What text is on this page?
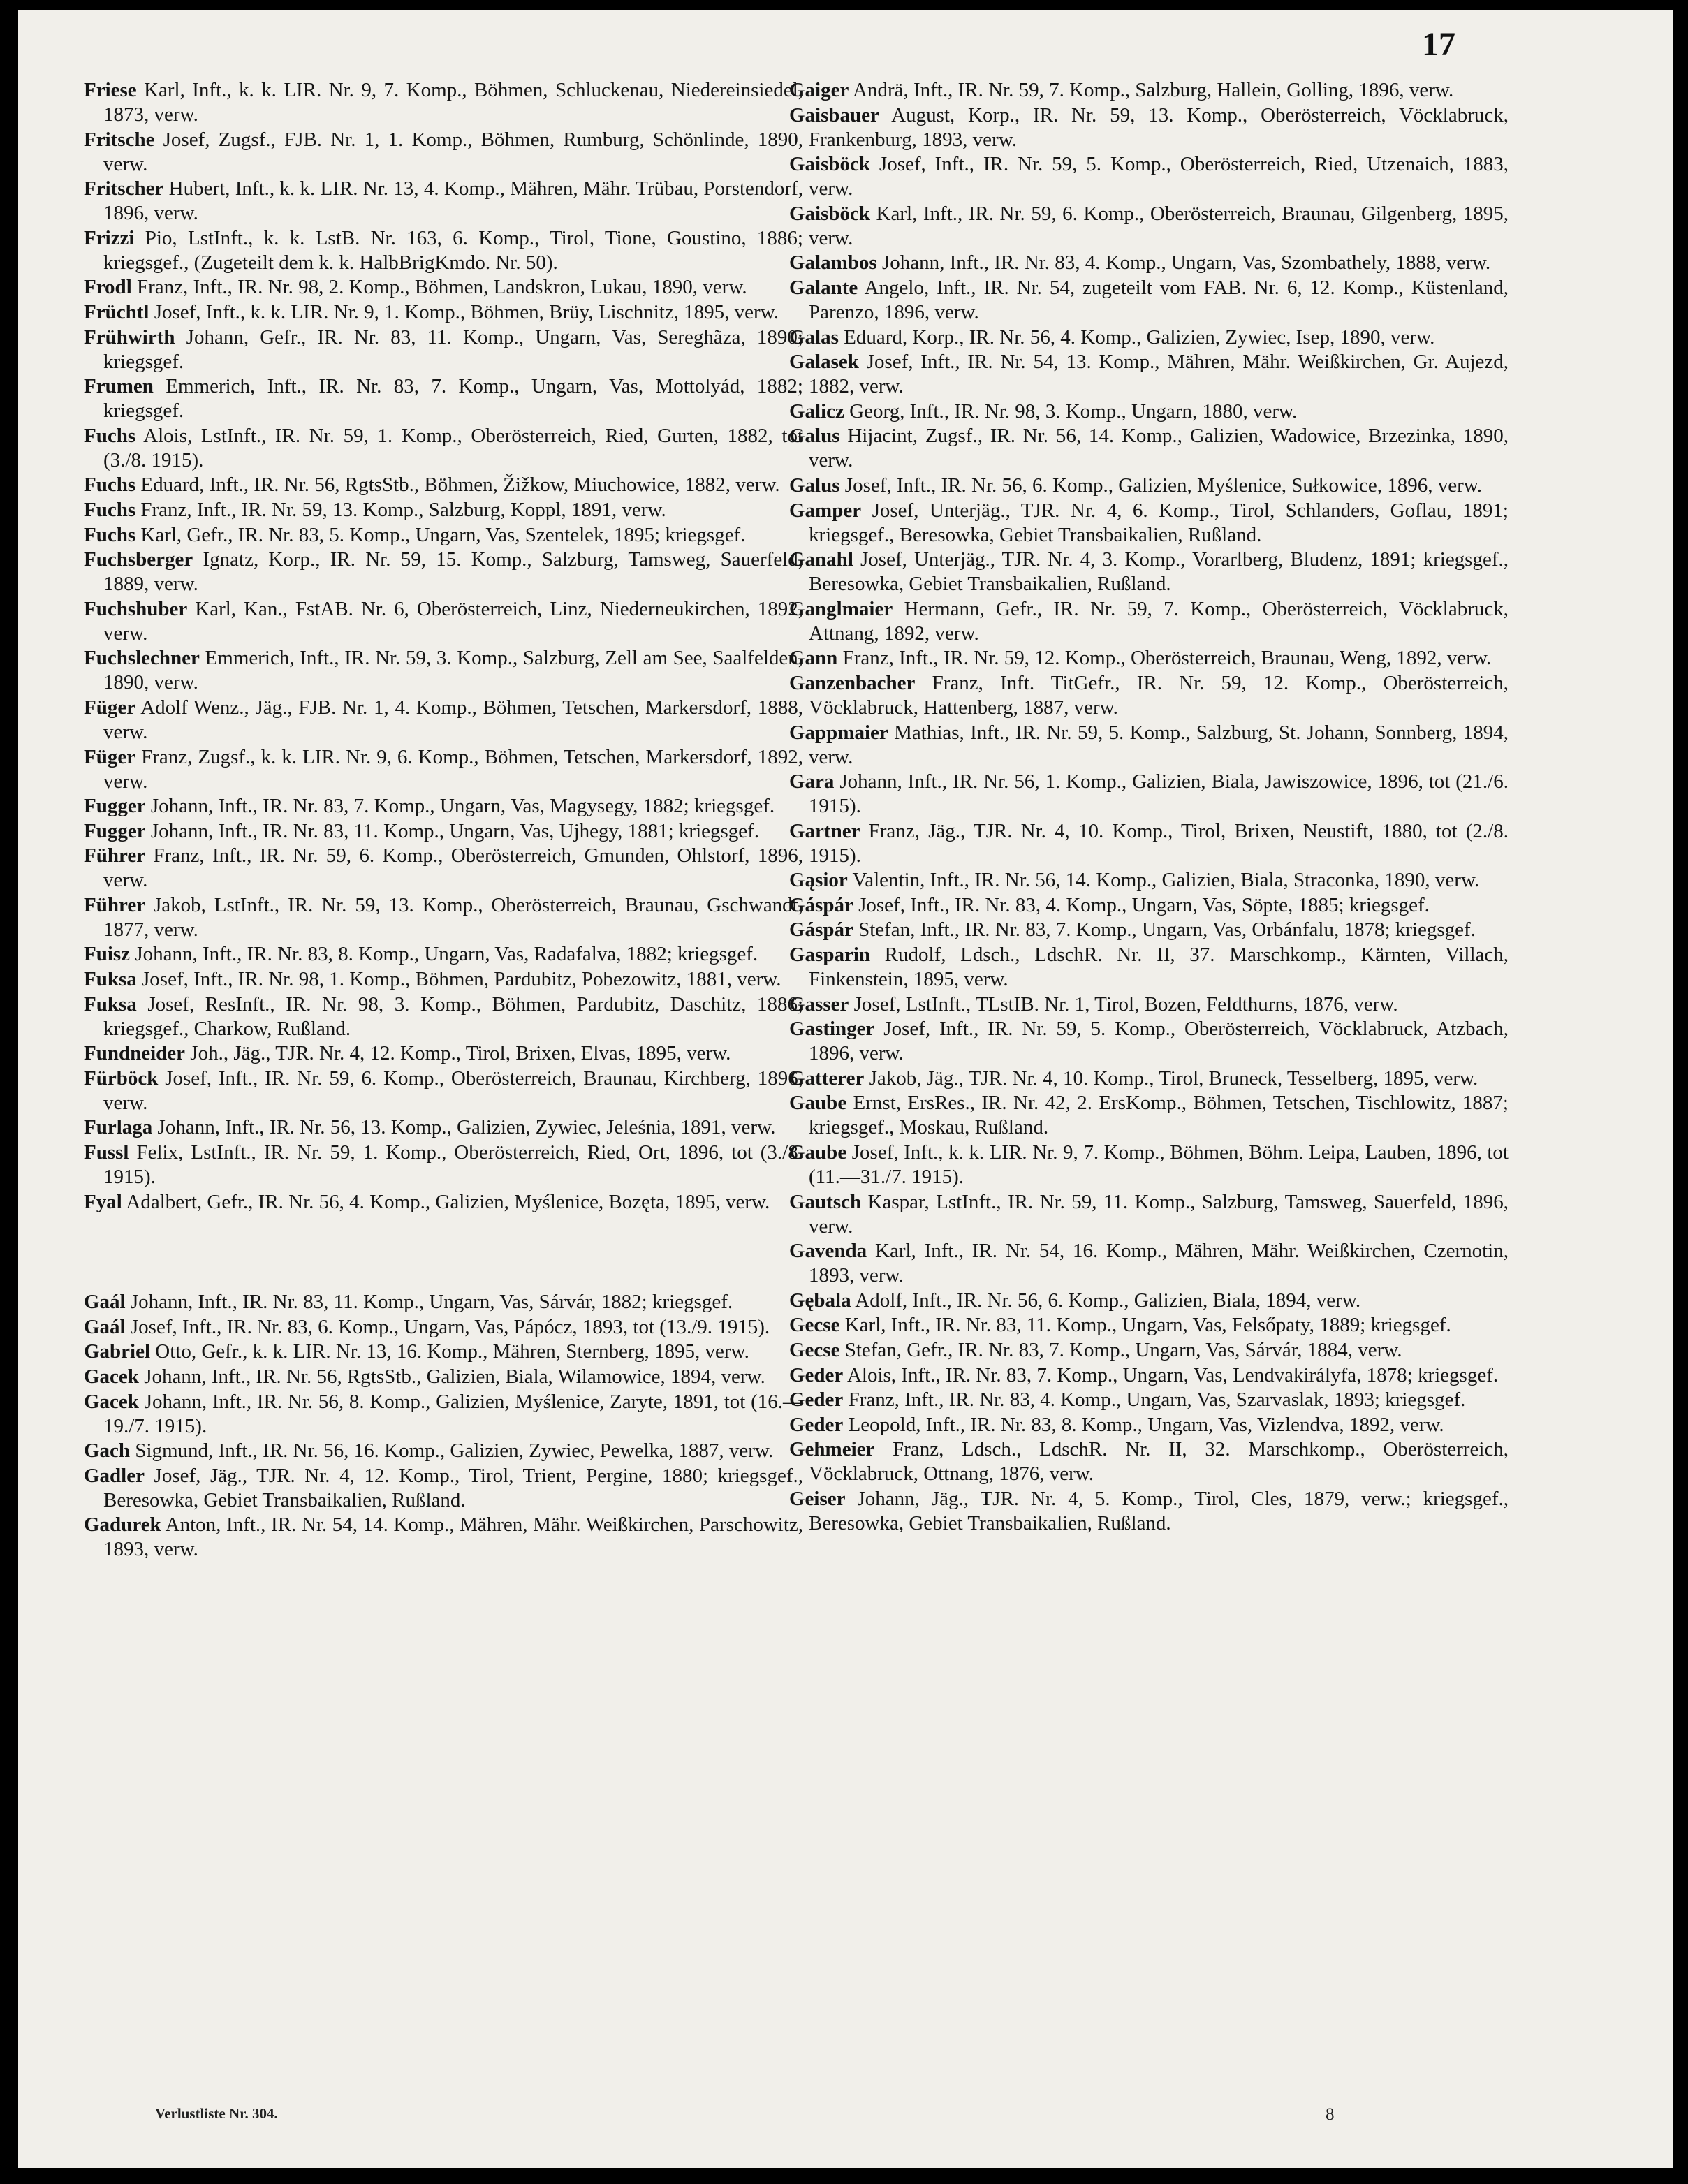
17

Friese Karl, Inft., k. k. LIR. Nr. 9, 7. Komp., Böhmen, Schluckenau, Niedereinsiedel, 1873, verw.

Fritsche Josef, Zugsf., FJB. Nr. 1, 1. Komp., Böhmen, Rumburg, Schönlinde, 1890, verw.

Fritscher Hubert, Inft., k. k. LIR. Nr. 13, 4. Komp., Mähren, Mähr. Trübau, Porstendorf, 1896, verw.

Frizzi Pio, LstInft., k. k. LstB. Nr. 163, 6. Komp., Tirol, Tione, Goustino, 1886; kriegsgef., (Zugeteilt dem k. k. HalbBrigKmdo. Nr. 50).

Frodl Franz, Inft., IR. Nr. 98, 2. Komp., Böhmen, Landskron, Lukau, 1890, verw.

Früchtl Josef, Inft., k. k. LIR. Nr. 9, 1. Komp., Böhmen, Brüy, Lischnitz, 1895, verw.

Frühwirth Johann, Gefr., IR. Nr. 83, 11. Komp., Ungarn, Vas, Sereghãza, 1890; kriegsgef.

Frumen Emmerich, Inft., IR. Nr. 83, 7. Komp., Ungarn, Vas, Mottolyád, 1882; kriegsgef.

Fuchs Alois, LstInft., IR. Nr. 59, 1. Komp., Oberösterreich, Ried, Gurten, 1882, tot (3./8. 1915).

Fuchs Eduard, Inft., IR. Nr. 56, RgtsStb., Böhmen, Žižkow, Miuchowice, 1882, verw.

Fuchs Franz, Inft., IR. Nr. 59, 13. Komp., Salzburg, Koppl, 1891, verw.

Fuchs Karl, Gefr., IR. Nr. 83, 5. Komp., Ungarn, Vas, Szentelek, 1895; kriegsgef.

Fuchsberger Ignatz, Korp., IR. Nr. 59, 15. Komp., Salzburg, Tamsweg, Sauerfeld, 1889, verw.

Fuchshuber Karl, Kan., FstAB. Nr. 6, Oberösterreich, Linz, Niederneukirchen, 1892, verw.

Fuchslechner Emmerich, Inft., IR. Nr. 59, 3. Komp., Salzburg, Zell am See, Saalfelden, 1890, verw.

Füger Adolf Wenz., Jäg., FJB. Nr. 1, 4. Komp., Böhmen, Tetschen, Markersdorf, 1888, verw.

Füger Franz, Zugsf., k. k. LIR. Nr. 9, 6. Komp., Böhmen, Tetschen, Markersdorf, 1892, verw.

Fugger Johann, Inft., IR. Nr. 83, 7. Komp., Ungarn, Vas, Magysegy, 1882; kriegsgef.

Fugger Johann, Inft., IR. Nr. 83, 11. Komp., Ungarn, Vas, Ujhegy, 1881; kriegsgef.

Führer Franz, Inft., IR. Nr. 59, 6. Komp., Oberösterreich, Gmunden, Ohlstorf, 1896, verw.

Führer Jakob, LstInft., IR. Nr. 59, 13. Komp., Oberösterreich, Braunau, Gschwandt, 1877, verw.

Fuisz Johann, Inft., IR. Nr. 83, 8. Komp., Ungarn, Vas, Radafalva, 1882; kriegsgef.

Fuksa Josef, Inft., IR. Nr. 98, 1. Komp., Böhmen, Pardubitz, Pobezowitz, 1881, verw.

Fuksa Josef, ResInft., IR. Nr. 98, 3. Komp., Böhmen, Pardubitz, Daschitz, 1886; kriegsgef., Charkow, Rußland.

Fundneider Joh., Jäg., TJR. Nr. 4, 12. Komp., Tirol, Brixen, Elvas, 1895, verw.

Fürböck Josef, Inft., IR. Nr. 59, 6. Komp., Oberösterreich, Braunau, Kirchberg, 1896, verw.

Furlaga Johann, Inft., IR. Nr. 56, 13. Komp., Galizien, Zywiec, Jeleśnia, 1891, verw.

Fussl Felix, LstInft., IR. Nr. 59, 1. Komp., Oberösterreich, Ried, Ort, 1896, tot (3./8. 1915).

Fyal Adalbert, Gefr., IR. Nr. 56, 4. Komp., Galizien, Myślenice, Bozęta, 1895, verw.

Gaál Johann, Inft., IR. Nr. 83, 11. Komp., Ungarn, Vas, Sárvár, 1882; kriegsgef.

Gaál Josef, Inft., IR. Nr. 83, 6. Komp., Ungarn, Vas, Pápócz, 1893, tot (13./9. 1915).

Gabriel Otto, Gefr., k. k. LIR. Nr. 13, 16. Komp., Mähren, Sternberg, 1895, verw.

Gacek Johann, Inft., IR. Nr. 56, RgtsStb., Galizien, Biala, Wilamowice, 1894, verw.

Gacek Johann, Inft., IR. Nr. 56, 8. Komp., Galizien, Myślenice, Zaryte, 1891, tot (16.—19./7. 1915).

Gach Sigmund, Inft., IR. Nr. 56, 16. Komp., Galizien, Zywiec, Pewelka, 1887, verw.

Gadler Josef, Jäg., TJR. Nr. 4, 12. Komp., Tirol, Trient, Pergine, 1880; kriegsgef., Beresowka, Gebiet Transbaikalien, Rußland.

Gadurek Anton, Inft., IR. Nr. 54, 14. Komp., Mähren, Mähr. Weißkirchen, Parschowitz, 1893, verw.

Gaiger Andrä, Inft., IR. Nr. 59, 7. Komp., Salzburg, Hallein, Golling, 1896, verw.

Gaisbauer August, Korp., IR. Nr. 59, 13. Komp., Oberösterreich, Vöcklabruck, Frankenburg, 1893, verw.

Gaisböck Josef, Inft., IR. Nr. 59, 5. Komp., Oberösterreich, Ried, Utzenaich, 1883, verw.

Gaisböck Karl, Inft., IR. Nr. 59, 6. Komp., Oberösterreich, Braunau, Gilgenberg, 1895, verw.

Galambos Johann, Inft., IR. Nr. 83, 4. Komp., Ungarn, Vas, Szombathely, 1888, verw.

Galante Angelo, Inft., IR. Nr. 54, zugeteilt vom FAB. Nr. 6, 12. Komp., Küstenland, Parenzo, 1896, verw.

Galas Eduard, Korp., IR. Nr. 56, 4. Komp., Galizien, Zywiec, Isep, 1890, verw.

Galasek Josef, Inft., IR. Nr. 54, 13. Komp., Mähren, Mähr. Weißkirchen, Gr. Aujezd, 1882, verw.

Galicz Georg, Inft., IR. Nr. 98, 3. Komp., Ungarn, 1880, verw.

Galus Hijacint, Zugsf., IR. Nr. 56, 14. Komp., Galizien, Wadowice, Brzezinka, 1890, verw.

Galus Josef, Inft., IR. Nr. 56, 6. Komp., Galizien, Myślenice, Sułkowice, 1896, verw.

Gamper Josef, Unterjäg., TJR. Nr. 4, 6. Komp., Tirol, Schlanders, Goflau, 1891; kriegsgef., Beresowka, Gebiet Transbaikalien, Rußland.

Ganahl Josef, Unterjäg., TJR. Nr. 4, 3. Komp., Vorarlberg, Bludenz, 1891; kriegsgef., Beresowka, Gebiet Transbaikalien, Rußland.

Ganglmaier Hermann, Gefr., IR. Nr. 59, 7. Komp., Oberösterreich, Vöcklabruck, Attnang, 1892, verw.

Gann Franz, Inft., IR. Nr. 59, 12. Komp., Oberösterreich, Braunau, Weng, 1892, verw.

Ganzenbacher Franz, Inft. TitGefr., IR. Nr. 59, 12. Komp., Oberösterreich, Vöcklabruck, Hattenberg, 1887, verw.

Gappmaier Mathias, Inft., IR. Nr. 59, 5. Komp., Salzburg, St. Johann, Sonnberg, 1894, verw.

Gara Johann, Inft., IR. Nr. 56, 1. Komp., Galizien, Biala, Jawiszowice, 1896, tot (21./6. 1915).

Gartner Franz, Jäg., TJR. Nr. 4, 10. Komp., Tirol, Brixen, Neustift, 1880, tot (2./8. 1915).

Gąsior Valentin, Inft., IR. Nr. 56, 14. Komp., Galizien, Biala, Straconka, 1890, verw.

Gáspár Josef, Inft., IR. Nr. 83, 4. Komp., Ungarn, Vas, Söpte, 1885; kriegsgef.

Gáspár Stefan, Inft., IR. Nr. 83, 7. Komp., Ungarn, Vas, Orbánfalu, 1878; kriegsgef.

Gasparin Rudolf, Ldsch., LdschR. Nr. II, 37. Marschkomp., Kärnten, Villach, Finkenstein, 1895, verw.

Gasser Josef, LstInft., TLstIB. Nr. 1, Tirol, Bozen, Feldthurns, 1876, verw.

Gastinger Josef, Inft., IR. Nr. 59, 5. Komp., Oberösterreich, Vöcklabruck, Atzbach, 1896, verw.

Gatterer Jakob, Jäg., TJR. Nr. 4, 10. Komp., Tirol, Bruneck, Tesselberg, 1895, verw.

Gaube Ernst, ErsRes., IR. Nr. 42, 2. ErsKomp., Böhmen, Tetschen, Tischlowitz, 1887; kriegsgef., Moskau, Rußland.

Gaube Josef, Inft., k. k. LIR. Nr. 9, 7. Komp., Böhmen, Böhm. Leipa, Lauben, 1896, tot (11.—31./7. 1915).

Gautsch Kaspar, LstInft., IR. Nr. 59, 11. Komp., Salzburg, Tamsweg, Sauerfeld, 1896, verw.

Gavenda Karl, Inft., IR. Nr. 54, 16. Komp., Mähren, Mähr. Weißkirchen, Czernotin, 1893, verw.

Gębala Adolf, Inft., IR. Nr. 56, 6. Komp., Galizien, Biala, 1894, verw.

Gecse Karl, Inft., IR. Nr. 83, 11. Komp., Ungarn, Vas, Felsőpaty, 1889; kriegsgef.

Gecse Stefan, Gefr., IR. Nr. 83, 7. Komp., Ungarn, Vas, Sárvár, 1884, verw.

Geder Alois, Inft., IR. Nr. 83, 7. Komp., Ungarn, Vas, Lendvakirályfa, 1878; kriegsgef.

Geder Franz, Inft., IR. Nr. 83, 4. Komp., Ungarn, Vas, Szarvaslak, 1893; kriegsgef.

Geder Leopold, Inft., IR. Nr. 83, 8. Komp., Ungarn, Vas, Vizlendva, 1892, verw.

Gehmeier Franz, Ldsch., LdschR. Nr. II, 32. Marschkomp., Oberösterreich, Vöcklabruck, Ottnang, 1876, verw.

Geiser Johann, Jäg., TJR. Nr. 4, 5. Komp., Tirol, Cles, 1879, verw.; kriegsgef., Beresowka, Gebiet Transbaikalien, Rußland.

Verlustliste Nr. 304.	8
